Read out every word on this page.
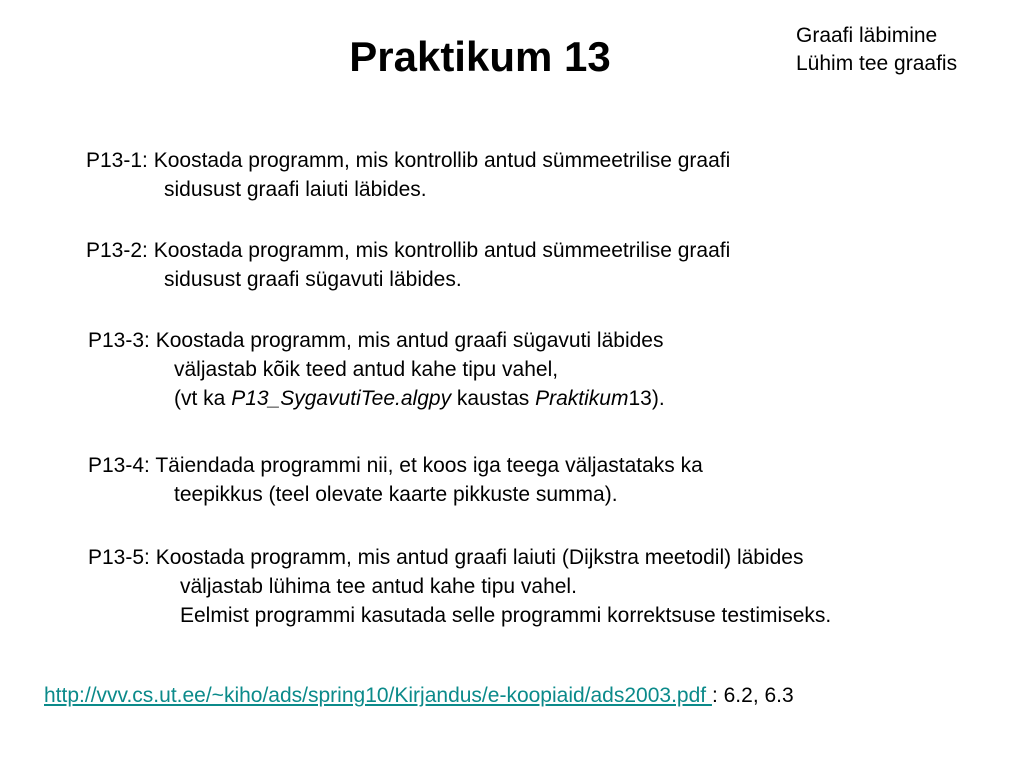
Praktikum 13	Graafi läbimine
Lühim tee graafis
P13-1: Koostada programm, mis kontrollib antud sümmeetrilise graafi
sidusust graafi laiuti läbides.
P13-2: Koostada programm, mis kontrollib antud sümmeetrilise graafi
sidusust graafi sügavuti läbides.
P13-3: Koostada programm, mis antud graafi sügavuti läbides
väljastab kõik teed antud kahe tipu vahel,
(vt ka P13_SygavutiTee.algpy kaustas Praktikum13).
P13-4: Täiendada programmi nii, et koos iga teega väljastataks ka
teepikkus (teel olevate kaarte pikkuste summa).
P13-5: Koostada programm, mis antud graafi laiuti (Dijkstra meetodil) läbides
väljastab lühima tee antud kahe tipu vahel.
Eelmist programmi kasutada selle programmi korrektsuse testimiseks.
http://vvv.cs.ut.ee/~kiho/ads/spring10/Kirjandus/e-koopiaid/ads2003.pdf : 6.2, 6.3
